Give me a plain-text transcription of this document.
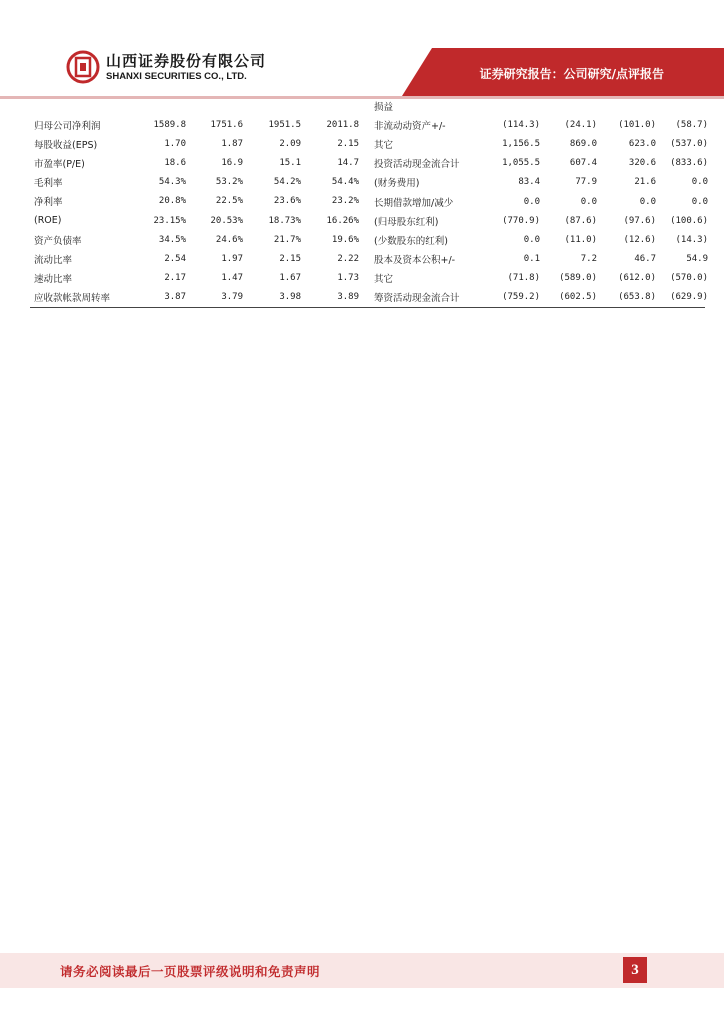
山西证券股份有限公司
SHANXI SECURITIES CO., LTD.	证券研究报告：公司研究/点评报告
归母公司净利润	1589.8	1751.6	1951.5	2011.8
每股收益(EPS)	1.70	1.87	2.09	2.15
市盈率(P/E)	18.6	16.9	15.1	14.7
毛利率	54.3%	53.2%	54.2%	54.4%
净利率	20.8%	22.5%	23.6%	23.2%
(ROE)	23.15%	20.53%	18.73%	16.26%
资产负债率	34.5%	24.6%	21.7%	19.6%
流动比率	2.54	1.97	2.15	2.22
速动比率	2.17	1.47	1.67	1.73
应收款帐款周转率	3.87	3.79	3.98	3.89
损益				
非流动动资产+/-	(114.3)	(24.1)	(101.0)	(58.7)
其它	1,156.5	869.0	623.0	(537.0)
投资活动现金流合计	1,055.5	607.4	320.6	(833.6)
(财务费用)	83.4	77.9	21.6	0.0
长期借款增加/减少	0.0	0.0	0.0	0.0
(归母股东红利)	(770.9)	(87.6)	(97.6)	(100.6)
(少数股东的红利)	0.0	(11.0)	(12.6)	(14.3)
股本及资本公积+/-	0.1	7.2	46.7	54.9
其它	(71.8)	(589.0)	(612.0)	(570.0)
筹资活动现金流合计	(759.2)	(602.5)	(653.8)	(629.9)
请务必阅读最后一页股票评级说明和免责声明	3
